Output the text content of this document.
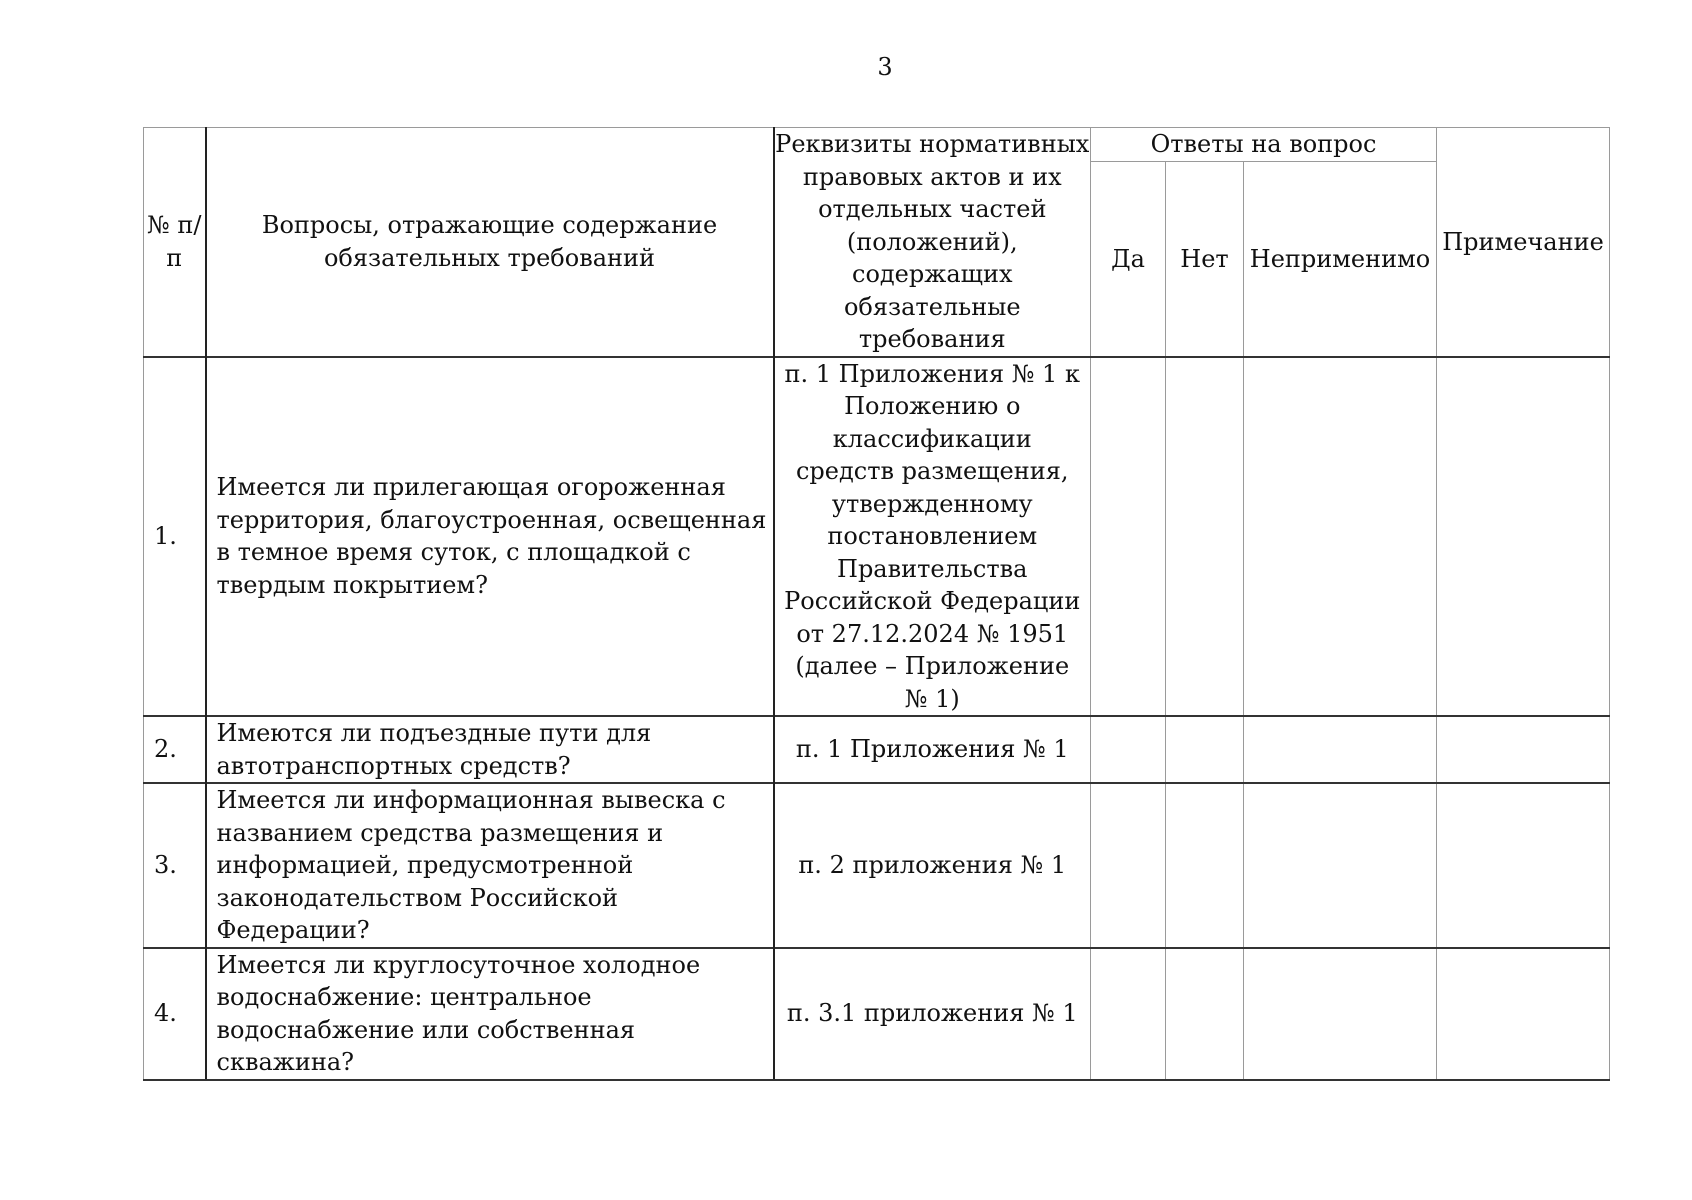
3
№ п/п	Вопросы, отражающие содержание обязательных требований	Реквизиты нормативных правовых актов и их отдельных частей (положений), содержащих обязательные требования	Ответы на вопрос			Примечание
			Да	Нет	Неприменимо	
1.	Имеется ли прилегающая огороженная территория, благоустроенная, освещенная в темное время суток, с площадкой с твердым покрытием?	п. 1 Приложения № 1 к Положению о классификации средств размещения, утвержденному постановлением Правительства Российской Федерации от 27.12.2024 № 1951 (далее – Приложение № 1)				
2.	Имеются ли подъездные пути для автотранспортных средств?	п. 1 Приложения № 1				
3.	Имеется ли информационная вывеска с названием средства размещения и информацией, предусмотренной законодательством Российской Федерации?	п. 2 приложения № 1				
4.	Имеется ли круглосуточное холодное водоснабжение: центральное водоснабжение или собственная скважина?	п. 3.1 приложения № 1				
